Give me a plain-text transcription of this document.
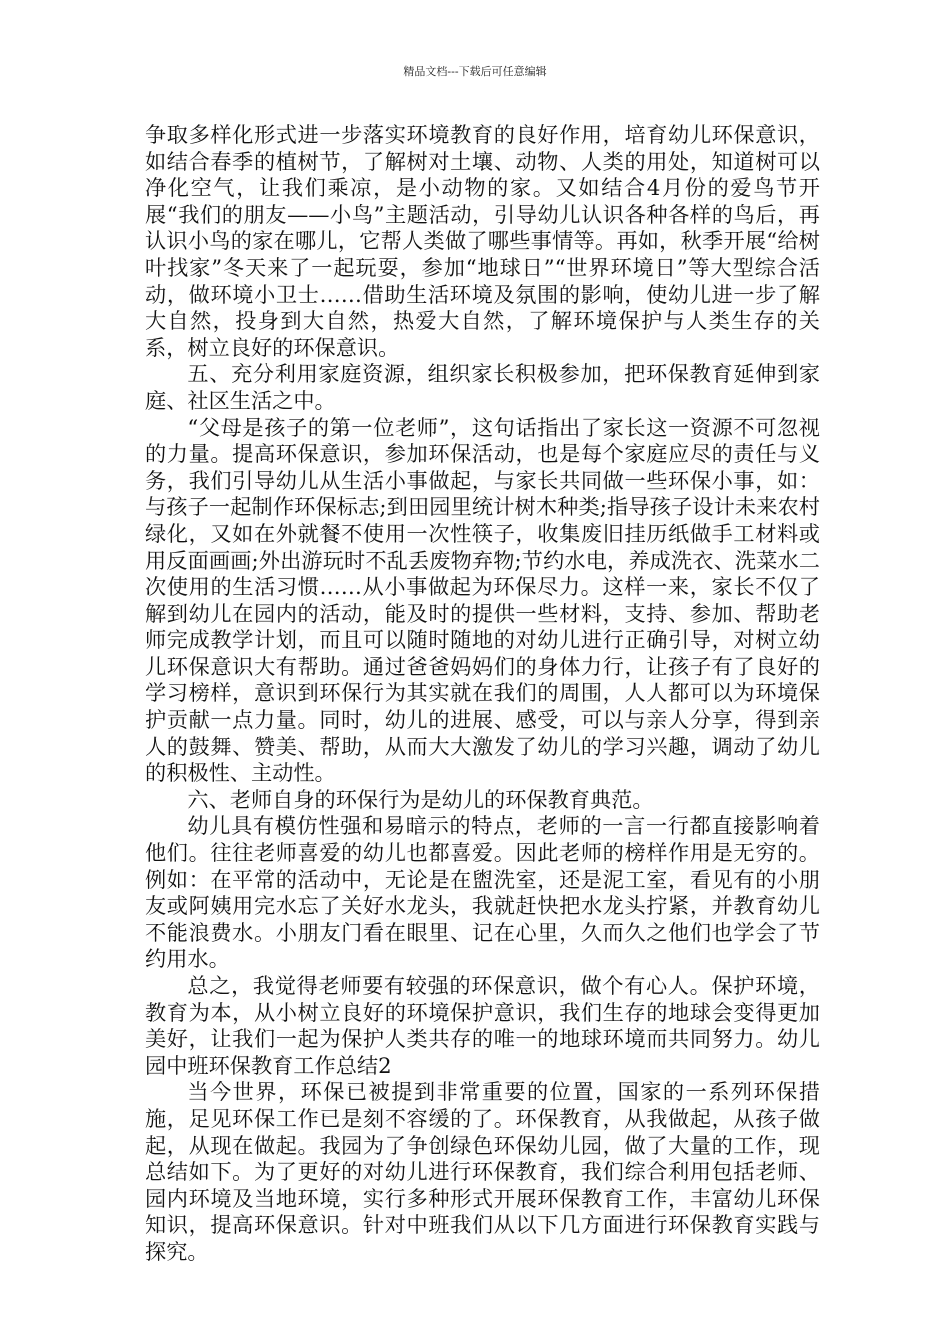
精品文档---下载后可任意编辑

争取多样化形式进一步落实环境教育的良好作用，培育幼儿环保意识，如结合春季的植树节，了解树对土壤、动物、人类的用处，知道树可以净化空气，让我们乘凉，是小动物的家。又如结合4月份的爱鸟节开展“我们的朋友——小鸟”主题活动，引导幼儿认识各种各样的鸟后，再认识小鸟的家在哪儿，它帮人类做了哪些事情等。再如，秋季开展“给树叶找家”冬天来了一起玩耍，参加“地球日”“世界环境日”等大型综合活动，做环境小卫士……借助生活环境及氛围的影响，使幼儿进一步了解大自然，投身到大自然，热爱大自然，了解环境保护与人类生存的关系，树立良好的环保意识。

五、充分利用家庭资源，组织家长积极参加，把环保教育延伸到家庭、社区生活之中。

“父母是孩子的第一位老师”，这句话指出了家长这一资源不可忽视的力量。提高环保意识，参加环保活动，也是每个家庭应尽的责任与义务，我们引导幼儿从生活小事做起，与家长共同做一些环保小事，如：与孩子一起制作环保标志;到田园里统计树木种类;指导孩子设计未来农村绿化，又如在外就餐不使用一次性筷子，收集废旧挂历纸做手工材料或用反面画画;外出游玩时不乱丢废物弃物;节约水电，养成洗衣、洗菜水二次使用的生活习惯……从小事做起为环保尽力。这样一来，家长不仅了解到幼儿在园内的活动，能及时的提供一些材料，支持、参加、帮助老师完成教学计划，而且可以随时随地的对幼儿进行正确引导，对树立幼儿环保意识大有帮助。通过爸爸妈妈们的身体力行，让孩子有了良好的学习榜样，意识到环保行为其实就在我们的周围，人人都可以为环境保护贡献一点力量。同时，幼儿的进展、感受，可以与亲人分享，得到亲人的鼓舞、赞美、帮助，从而大大激发了幼儿的学习兴趣，调动了幼儿的积极性、主动性。

六、老师自身的环保行为是幼儿的环保教育典范。

幼儿具有模仿性强和易暗示的特点，老师的一言一行都直接影响着他们。往往老师喜爱的幼儿也都喜爱。因此老师的榜样作用是无穷的。例如：在平常的活动中，无论是在盥洗室，还是泥工室，看见有的小朋友或阿姨用完水忘了关好水龙头，我就赶快把水龙头拧紧，并教育幼儿不能浪费水。小朋友门看在眼里、记在心里，久而久之他们也学会了节约用水。

总之，我觉得老师要有较强的环保意识，做个有心人。保护环境，教育为本，从小树立良好的环境保护意识，我们生存的地球会变得更加美好，让我们一起为保护人类共存的唯一的地球环境而共同努力。幼儿园中班环保教育工作总结2

当今世界，环保已被提到非常重要的位置，国家的一系列环保措施，足见环保工作已是刻不容缓的了。环保教育，从我做起，从孩子做起，从现在做起。我园为了争创绿色环保幼儿园，做了大量的工作，现总结如下。为了更好的对幼儿进行环保教育，我们综合利用包括老师、园内环境及当地环境，实行多种形式开展环保教育工作，丰富幼儿环保知识，提高环保意识。针对中班我们从以下几方面进行环保教育实践与探究。
